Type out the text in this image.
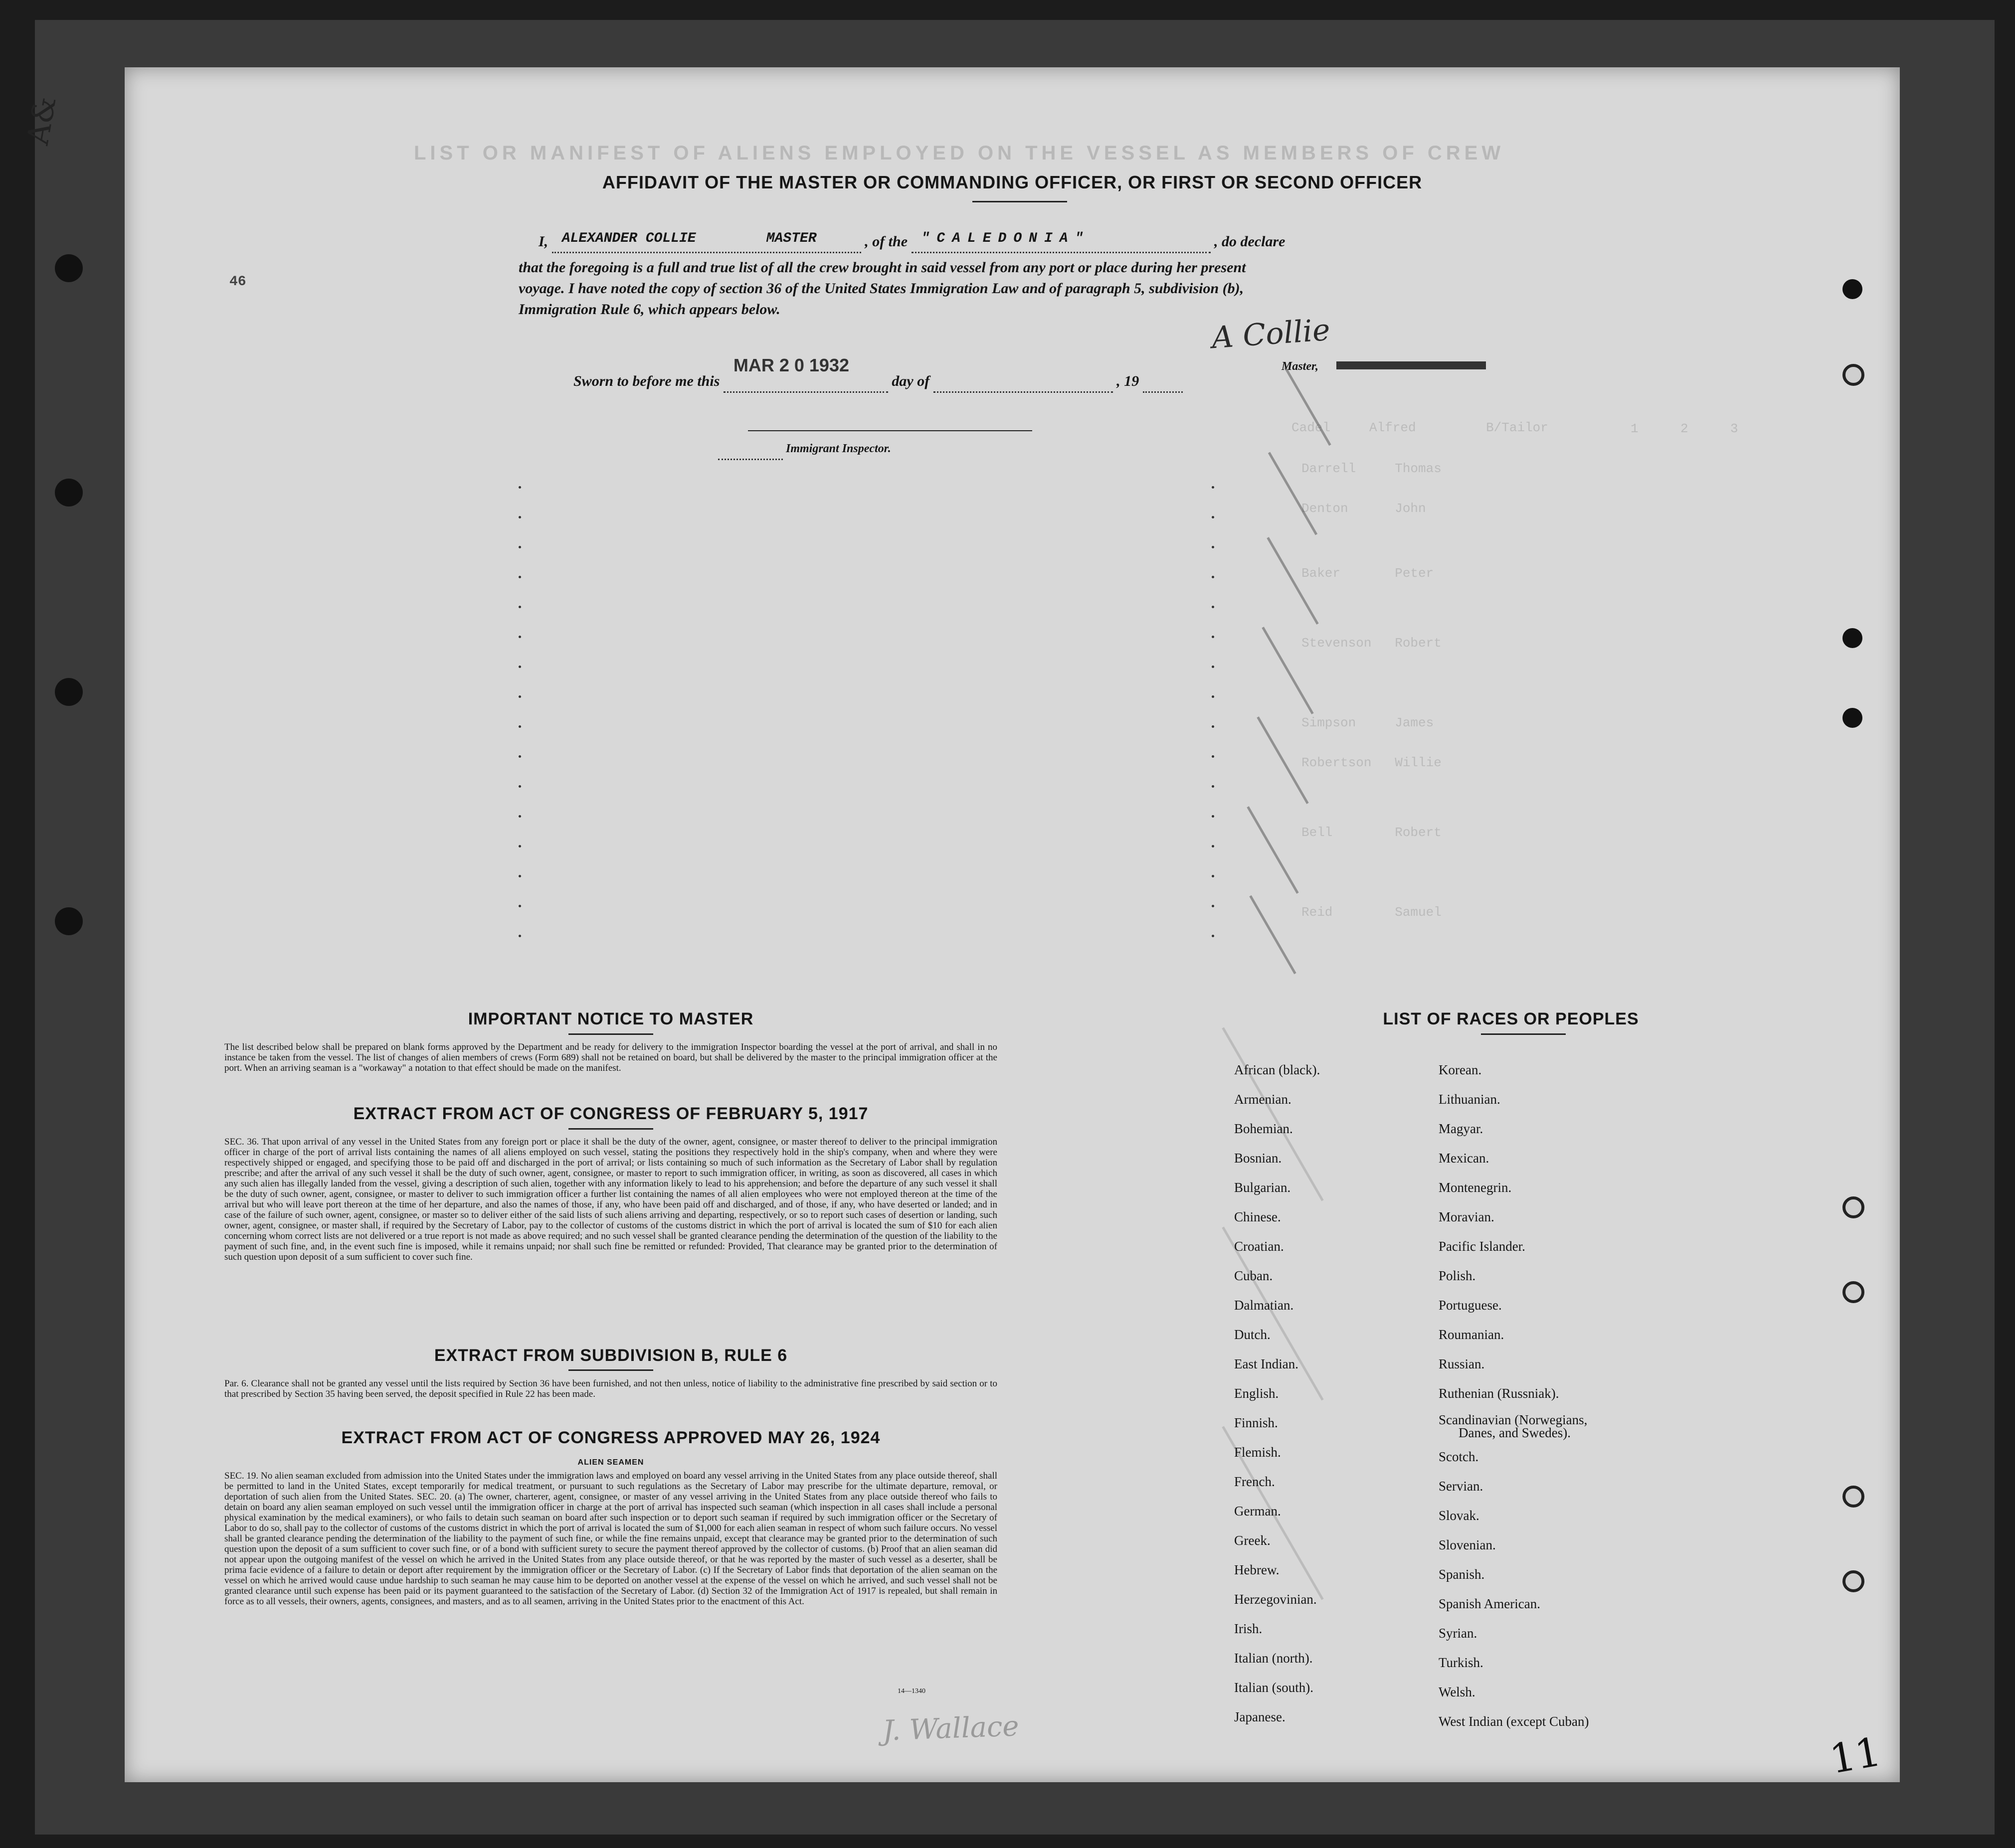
A&
LIST OR MANIFEST OF ALIENS EMPLOYED ON THE VESSEL AS MEMBERS OF CREW
Cadel     Alfred         B/Tailor
Darrell     Thomas
Denton      John
Baker       Peter
Stevenson   Robert
Simpson     James
Robertson   Willie
Bell        Robert
Reid        Samuel
1	2	3
46
AFFIDAVIT OF THE MASTER OR COMMANDING OFFICER, OR FIRST OR SECOND OFFICER
I, ALEXANDER COLLIE	MASTER	, of the "CALEDONIA"	, do declare
that the foregoing is a full and true list of all the crew brought in said vessel from any port or place during her present
voyage. I have noted the copy of section 36 of the United States Immigration Law and of paragraph 5, subdivision (b),
Immigration Rule 6, which appears below.
A Collie
Master,
Sworn to before me this
MAR 2 0 1932
day of	, 19
Immigrant Inspector.
IMPORTANT NOTICE TO MASTER
The list described below shall be prepared on blank forms approved by the Department and be ready for delivery to the immigration Inspector boarding the vessel at the port of arrival, and shall in no instance be taken from the vessel. The list of changes of alien members of crews (Form 689) shall not be retained on board, but shall be delivered by the master to the principal immigration officer at the port. When an arriving seaman is a "workaway" a notation to that effect should be made on the manifest.
EXTRACT FROM ACT OF CONGRESS OF FEBRUARY 5, 1917
SEC. 36. That upon arrival of any vessel in the United States from any foreign port or place it shall be the duty of the owner, agent, consignee, or master thereof to deliver to the principal immigration officer in charge of the port of arrival lists containing the names of all aliens employed on such vessel, stating the positions they respectively hold in the ship's company, when and where they were respectively shipped or engaged, and specifying those to be paid off and discharged in the port of arrival; or lists containing so much of such information as the Secretary of Labor shall by regulation prescribe; and after the arrival of any such vessel it shall be the duty of such owner, agent, consignee, or master to report to such immigration officer, in writing, as soon as discovered, all cases in which any such alien has illegally landed from the vessel, giving a description of such alien, together with any information likely to lead to his apprehension; and before the departure of any such vessel it shall be the duty of such owner, agent, consignee, or master to deliver to such immigration officer a further list containing the names of all alien employees who were not employed thereon at the time of the arrival but who will leave port thereon at the time of her departure, and also the names of those, if any, who have been paid off and discharged, and of those, if any, who have deserted or landed; and in case of the failure of such owner, agent, consignee, or master so to deliver either of the said lists of such aliens arriving and departing, respectively, or so to report such cases of desertion or landing, such owner, agent, consignee, or master shall, if required by the Secretary of Labor, pay to the collector of customs of the customs district in which the port of arrival is located the sum of $10 for each alien concerning whom correct lists are not delivered or a true report is not made as above required; and no such vessel shall be granted clearance pending the determination of the question of the liability to the payment of such fine, and, in the event such fine is imposed, while it remains unpaid; nor shall such fine be remitted or refunded: Provided, That clearance may be granted prior to the determination of such question upon deposit of a sum sufficient to cover such fine.
EXTRACT FROM SUBDIVISION B, RULE 6
Par. 6. Clearance shall not be granted any vessel until the lists required by Section 36 have been furnished, and not then unless, notice of liability to the administrative fine prescribed by said section or to that prescribed by Section 35 having been served, the deposit specified in Rule 22 has been made.
EXTRACT FROM ACT OF CONGRESS APPROVED MAY 26, 1924
ALIEN SEAMEN
SEC. 19. No alien seaman excluded from admission into the United States under the immigration laws and employed on board any vessel arriving in the United States from any place outside thereof, shall be permitted to land in the United States, except temporarily for medical treatment, or pursuant to such regulations as the Secretary of Labor may prescribe for the ultimate departure, removal, or deportation of such alien from the United States. SEC. 20. (a) The owner, charterer, agent, consignee, or master of any vessel arriving in the United States from any place outside thereof who fails to detain on board any alien seaman employed on such vessel until the immigration officer in charge at the port of arrival has inspected such seaman (which inspection in all cases shall include a personal physical examination by the medical examiners), or who fails to detain such seaman on board after such inspection or to deport such seaman if required by such immigration officer or the Secretary of Labor to do so, shall pay to the collector of customs of the customs district in which the port of arrival is located the sum of $1,000 for each alien seaman in respect of whom such failure occurs. No vessel shall be granted clearance pending the determination of the liability to the payment of such fine, or while the fine remains unpaid, except that clearance may be granted prior to the determination of such question upon the deposit of a sum sufficient to cover such fine, or of a bond with sufficient surety to secure the payment thereof approved by the collector of customs. (b) Proof that an alien seaman did not appear upon the outgoing manifest of the vessel on which he arrived in the United States from any place outside thereof, or that he was reported by the master of such vessel as a deserter, shall be prima facie evidence of a failure to detain or deport after requirement by the immigration officer or the Secretary of Labor. (c) If the Secretary of Labor finds that deportation of the alien seaman on the vessel on which he arrived would cause undue hardship to such seaman he may cause him to be deported on another vessel at the expense of the vessel on which he arrived, and such vessel shall not be granted clearance until such expense has been paid or its payment guaranteed to the satisfaction of the Secretary of Labor. (d) Section 32 of the Immigration Act of 1917 is repealed, but shall remain in force as to all vessels, their owners, agents, consignees, and masters, and as to all seamen, arriving in the United States prior to the enactment of this Act.
14—1340
J. Wallace
LIST OF RACES OR PEOPLES
African (black).
Armenian.
Bohemian.
Bosnian.
Bulgarian.
Chinese.
Croatian.
Cuban.
Dalmatian.
Dutch.
East Indian.
English.
Finnish.
Flemish.
French.
German.
Greek.
Hebrew.
Herzegovinian.
Irish.
Italian (north).
Italian (south).
Japanese.
Korean.
Lithuanian.
Magyar.
Mexican.
Montenegrin.
Moravian.
Pacific Islander.
Polish.
Portuguese.
Roumanian.
Russian.
Ruthenian (Russniak).
Scandinavian (Norwegians,
Danes, and Swedes).
Scotch.
Servian.
Slovak.
Slovenian.
Spanish.
Spanish American.
Syrian.
Turkish.
Welsh.
West Indian (except Cuban)
11
